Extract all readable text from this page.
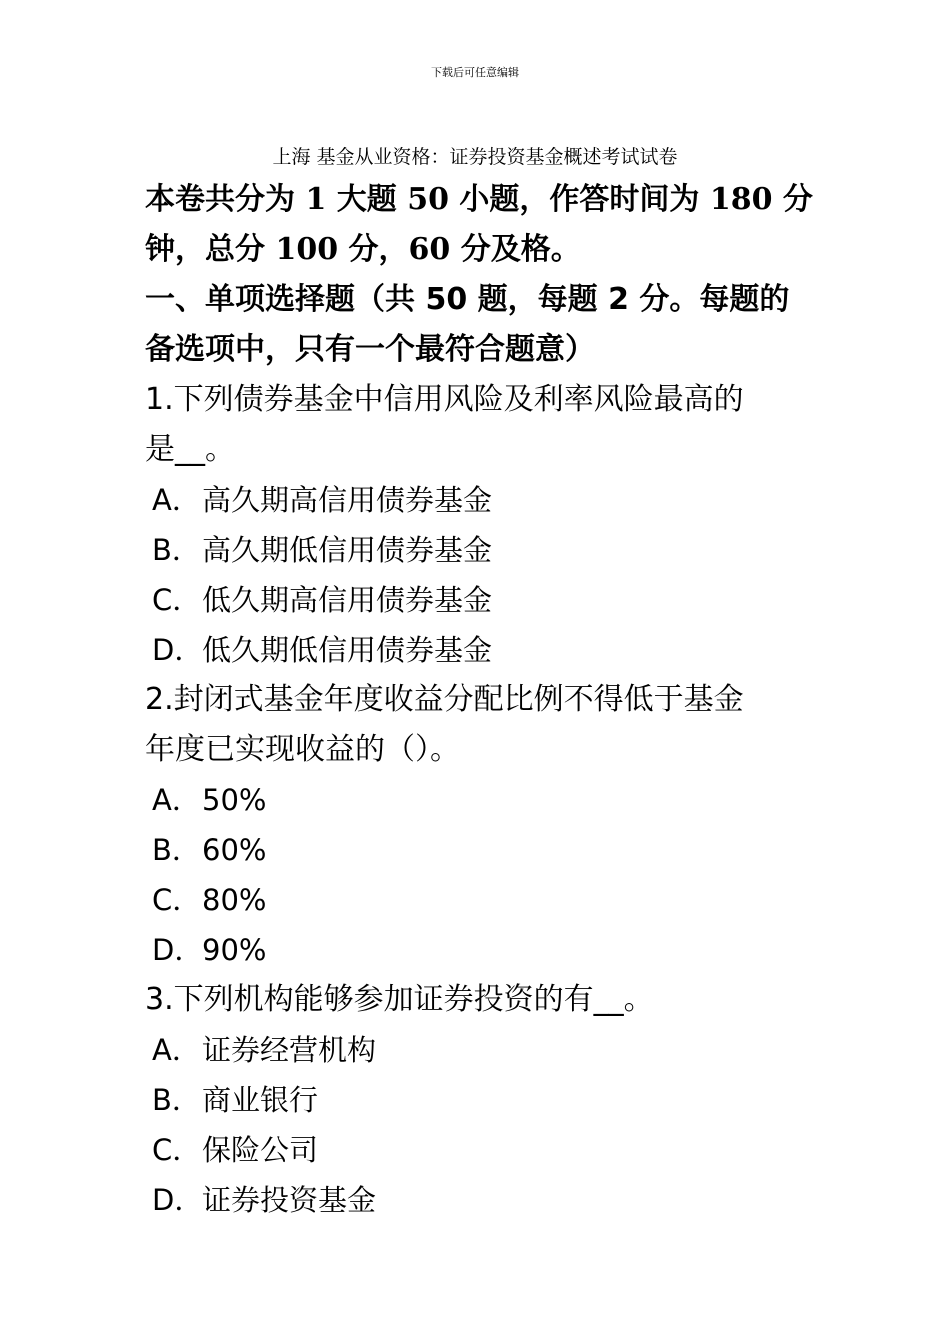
下载后可任意编辑
上海 基金从业资格：证券投资基金概述考试试卷
本卷共分为 1 大题 50 小题，作答时间为 180 分
钟，总分 100 分，60 分及格。
一、单项选择题（共 50 题，每题 2 分。每题的
备选项中，只有一个最符合题意）
1.下列债券基金中信用风险及利率风险最高的
是__。
A．高久期高信用债券基金
B．高久期低信用债券基金
C．低久期高信用债券基金
D．低久期低信用债券基金
2.封闭式基金年度收益分配比例不得低于基金
年度已实现收益的（）。
A．50%
B．60%
C．80%
D．90%
3.下列机构能够参加证券投资的有__。
A．证券经营机构
B．商业银行
C．保险公司
D．证券投资基金
